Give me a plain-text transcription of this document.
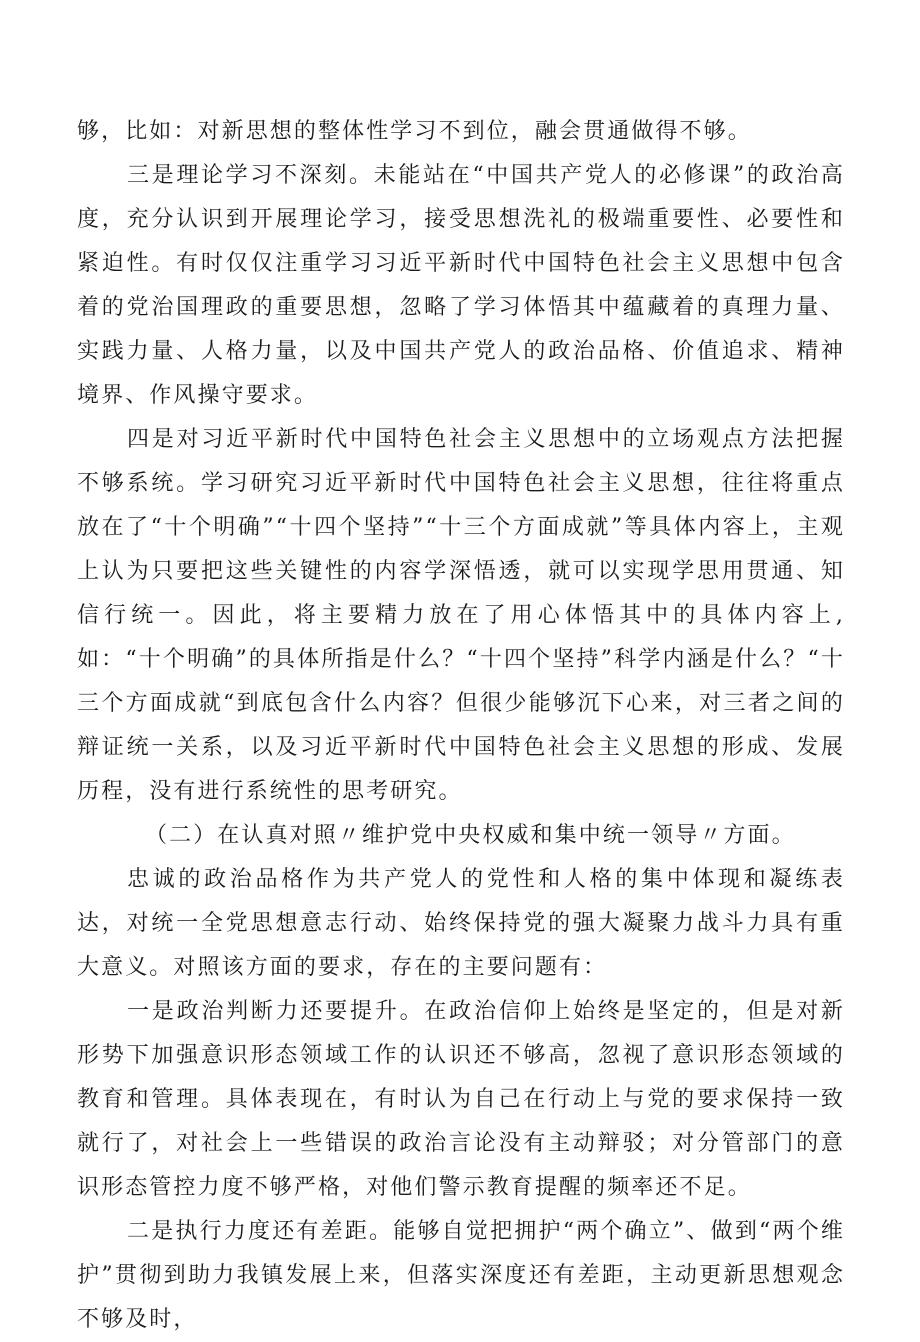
够，比如：对新思想的整体性学习不到位，融会贯通做得不够。

三是理论学习不深刻。未能站在“中国共产党人的必修课”的政治高度，充分认识到开展理论学习，接受思想洗礼的极端重要性、必要性和紧迫性。有时仅仅注重学习习近平新时代中国特色社会主义思想中包含着的党治国理政的重要思想，忽略了学习体悟其中蕴藏着的真理力量、实践力量、人格力量，以及中国共产党人的政治品格、价值追求、精神境界、作风操守要求。

四是对习近平新时代中国特色社会主义思想中的立场观点方法把握不够系统。学习研究习近平新时代中国特色社会主义思想，往往将重点放在了“十个明确”“十四个坚持”“十三个方面成就”等具体内容上，主观上认为只要把这些关键性的内容学深悟透，就可以实现学思用贯通、知信行统一。因此，将主要精力放在了用心体悟其中的具体内容上,如：“十个明确”的具体所指是什么？“十四个坚持”科学内涵是什么？“十三个方面成就“到底包含什么内容？但很少能够沉下心来，对三者之间的辩证统一关系，以及习近平新时代中国特色社会主义思想的形成、发展历程，没有进行系统性的思考研究。

（二）在认真对照〃维护党中央权威和集中统一领导〃方面。

忠诚的政治品格作为共产党人的党性和人格的集中体现和凝练表达，对统一全党思想意志行动、始终保持党的强大凝聚力战斗力具有重大意义。对照该方面的要求，存在的主要问题有：

一是政治判断力还要提升。在政治信仰上始终是坚定的，但是对新形势下加强意识形态领域工作的认识还不够高，忽视了意识形态领域的教育和管理。具体表现在，有时认为自己在行动上与党的要求保持一致就行了，对社会上一些错误的政治言论没有主动辩驳；对分管部门的意识形态管控力度不够严格，对他们警示教育提醒的频率还不足。

二是执行力度还有差距。能够自觉把拥护“两个确立”、做到“两个维护”贯彻到助力我镇发展上来，但落实深度还有差距，主动更新思想观念不够及时，
